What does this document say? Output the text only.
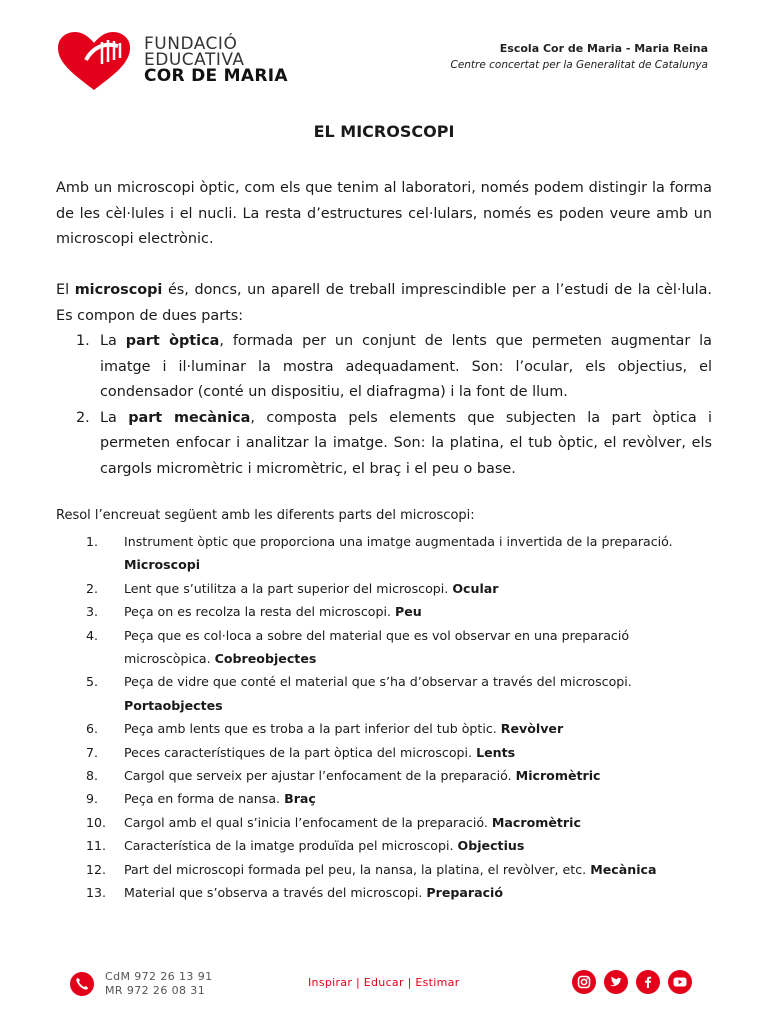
FUNDACIÓ
EDUCATIVA
COR DE MARIA
Escola Cor de Maria - Maria Reina
Centre concertat per la Generalitat de Catalunya
EL MICROSCOPI
Amb un microscopi òptic, com els que tenim al laboratori, només podem distingir la forma de les cèl·lules i el nucli. La resta d’estructures cel·lulars, només es poden veure amb un microscopi electrònic.
El microscopi és, doncs, un aparell de treball imprescindible per a l’estudi de la cèl·lula. Es compon de dues parts:
1. La part òptica, formada per un conjunt de lents que permeten augmentar la imatge i il·luminar la mostra adequadament. Son: l’ocular, els objectius, el condensador (conté un dispositiu, el diafragma) i la font de llum.
2. La part mecànica, composta pels elements que subjecten la part òptica i permeten enfocar i analitzar la imatge. Son: la platina, el tub òptic, el revòlver, els cargols micromètric i micromètric, el braç i el peu o base.
Resol l’encreuat següent amb les diferents parts del microscopi:
1.	Instrument òptic que proporciona una imatge augmentada i invertida de la preparació.
Microscopi
2.	Lent que s’utilitza a la part superior del microscopi. Ocular
3.	Peça on es recolza la resta del microscopi. Peu
4.	Peça que es col·loca a sobre del material que es vol observar en una preparació microscòpica. Cobreobjectes
5.	Peça de vidre que conté el material que s’ha d’observar a través del microscopi.
Portaobjectes
6.	Peça amb lents que es troba a la part inferior del tub òptic. Revòlver
7.	Peces característiques de la part òptica del microscopi. Lents
8.	Cargol que serveix per ajustar l’enfocament de la preparació. Micromètric
9.	Peça en forma de nansa. Braç
10.	Cargol amb el qual s’inicia l’enfocament de la preparació. Macromètric
11.	Característica de la imatge produïda pel microscopi. Objectius
12.	Part del microscopi formada pel peu, la nansa, la platina, el revòlver, etc. Mecànica
13.	Material que s’observa a través del microscopi. Preparació
CdM 972 26 13 91
MR 972 26 08 31
Inspirar | Educar | Estimar
